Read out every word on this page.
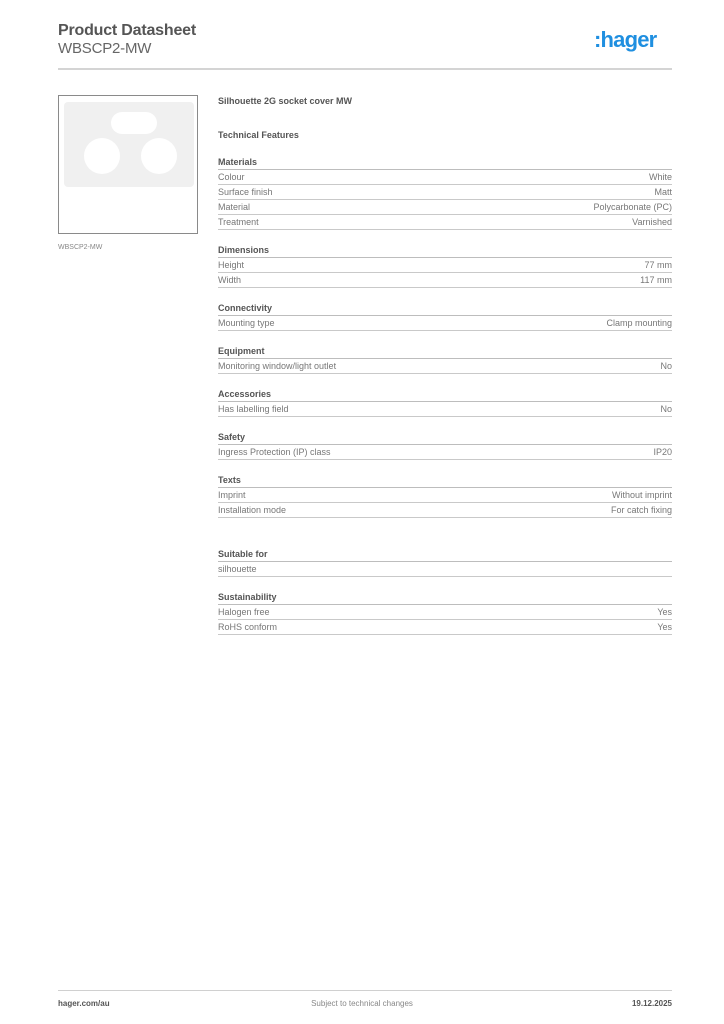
Product Datasheet
WBSCP2-MW	:hager
WBSCP2-MW
Silhouette 2G socket cover MW
Technical Features
Materials
Colour	White
Surface finish	Matt
Material	Polycarbonate (PC)
Treatment	Varnished
Dimensions
Height	77 mm
Width	117 mm
Connectivity
Mounting type	Clamp mounting
Equipment
Monitoring window/light outlet	No
Accessories
Has labelling field	No
Safety
Ingress Protection (IP) class	IP20
Texts
Imprint	Without imprint
Installation mode	For catch fixing
Suitable for
silhouette
Sustainability
Halogen free	Yes
RoHS conform	Yes
hager.com/au	Subject to technical changes	19.12.2025
